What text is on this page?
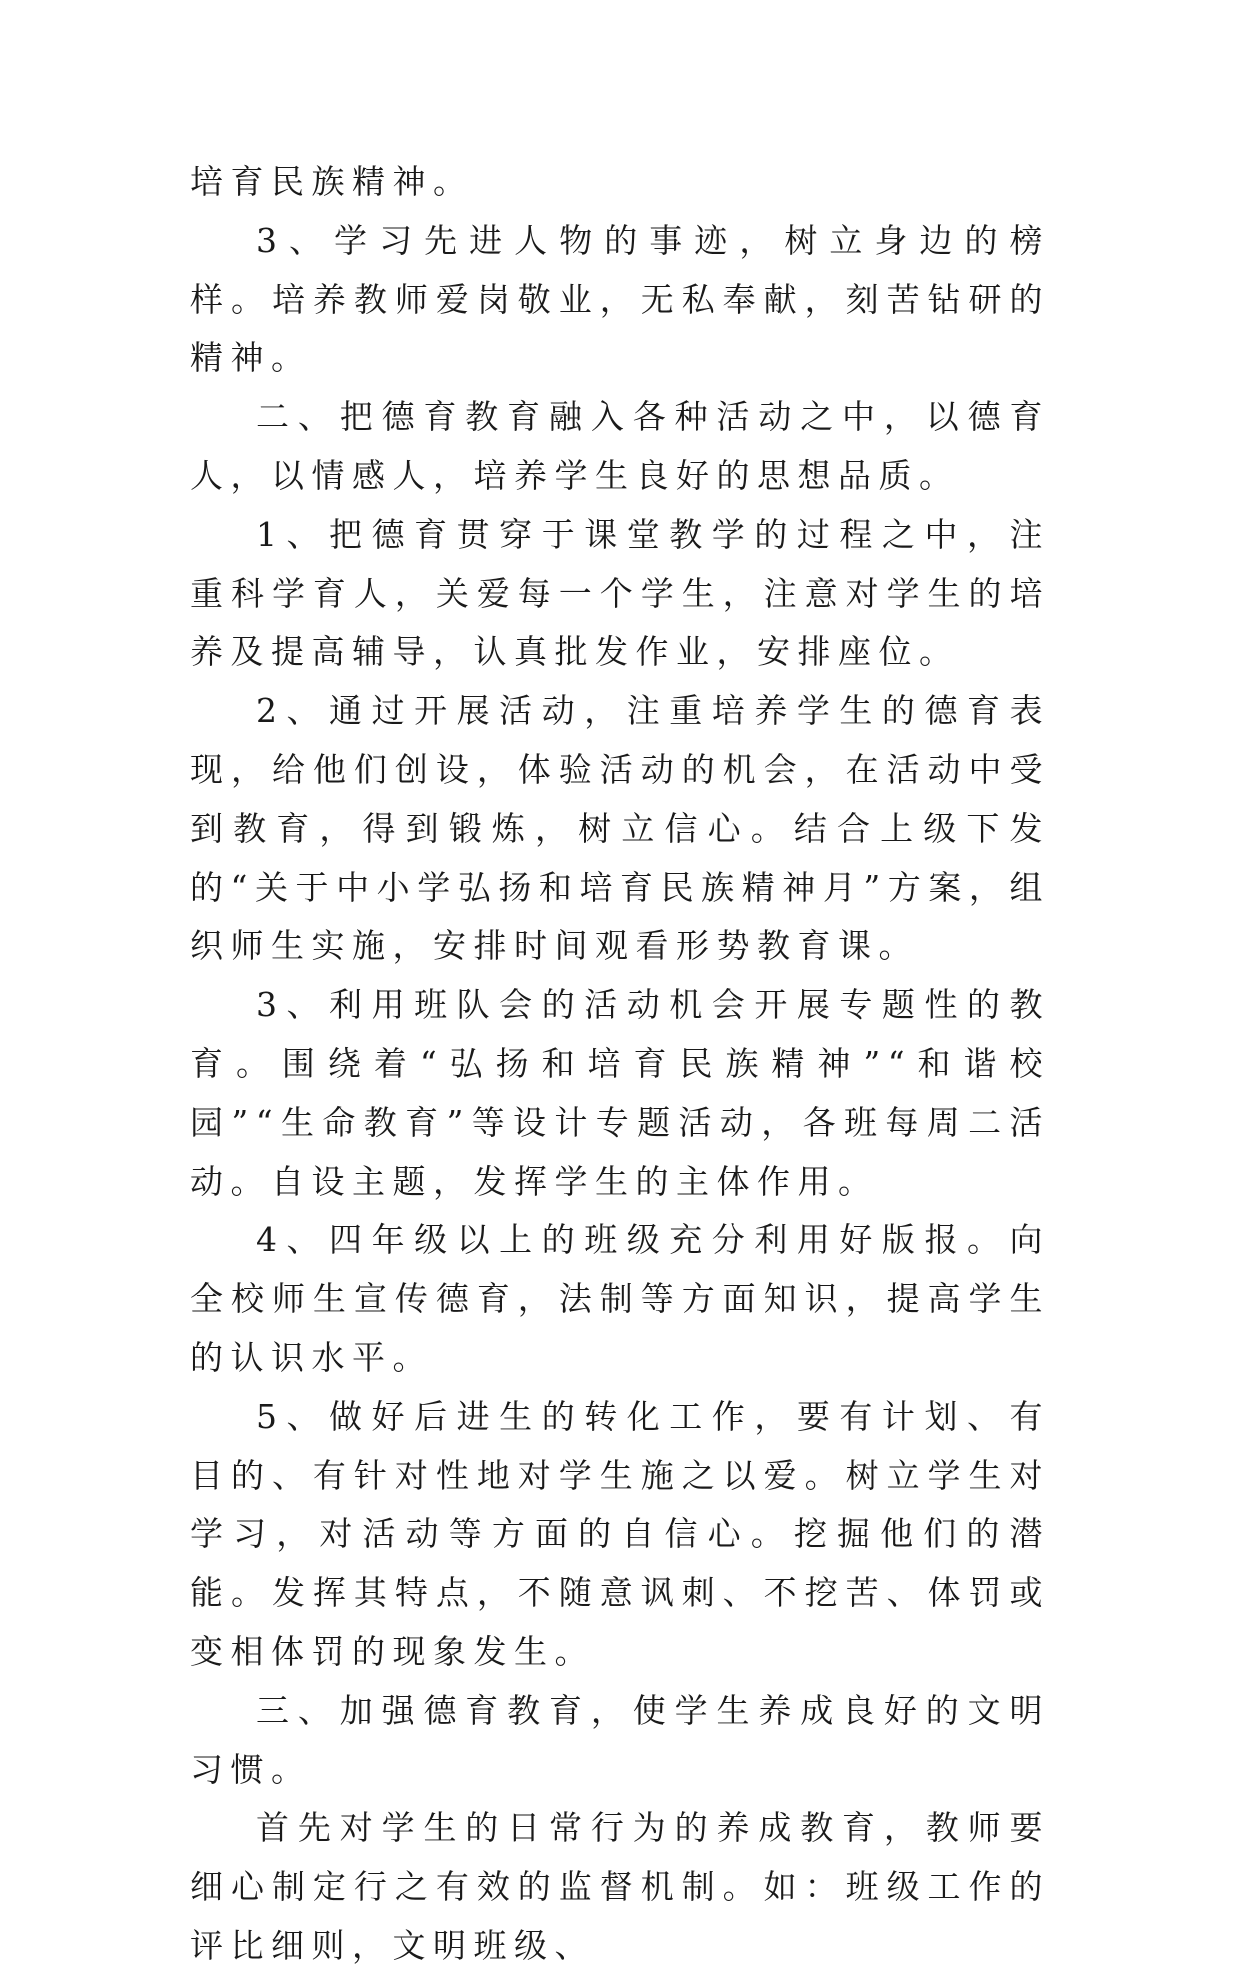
培育民族精神。

3、学习先进人物的事迹，树立身边的榜样。培养教师爱岗敬业，无私奉献，刻苦钻研的精神。

二、把德育教育融入各种活动之中，以德育人，以情感人，培养学生良好的思想品质。

1、把德育贯穿于课堂教学的过程之中，注重科学育人，关爱每一个学生，注意对学生的培养及提高辅导，认真批发作业，安排座位。

2、通过开展活动，注重培养学生的德育表现，给他们创设，体验活动的机会，在活动中受到教育，得到锻炼，树立信心。结合上级下发的“关于中小学弘扬和培育民族精神月”方案，组织师生实施，安排时间观看形势教育课。

3、利用班队会的活动机会开展专题性的教育。围绕着“弘扬和培育民族精神”“和谐校园”“生命教育”等设计专题活动，各班每周二活动。自设主题，发挥学生的主体作用。

4、四年级以上的班级充分利用好版报。向全校师生宣传德育，法制等方面知识，提高学生的认识水平。

5、做好后进生的转化工作，要有计划、有目的、有针对性地对学生施之以爱。树立学生对学习，对活动等方面的自信心。挖掘他们的潜能。发挥其特点，不随意讽刺、不挖苦、体罚或变相体罚的现象发生。

三、加强德育教育，使学生养成良好的文明习惯。

首先对学生的日常行为的养成教育，教师要细心制定行之有效的监督机制。如：班级工作的评比细则，文明班级、
